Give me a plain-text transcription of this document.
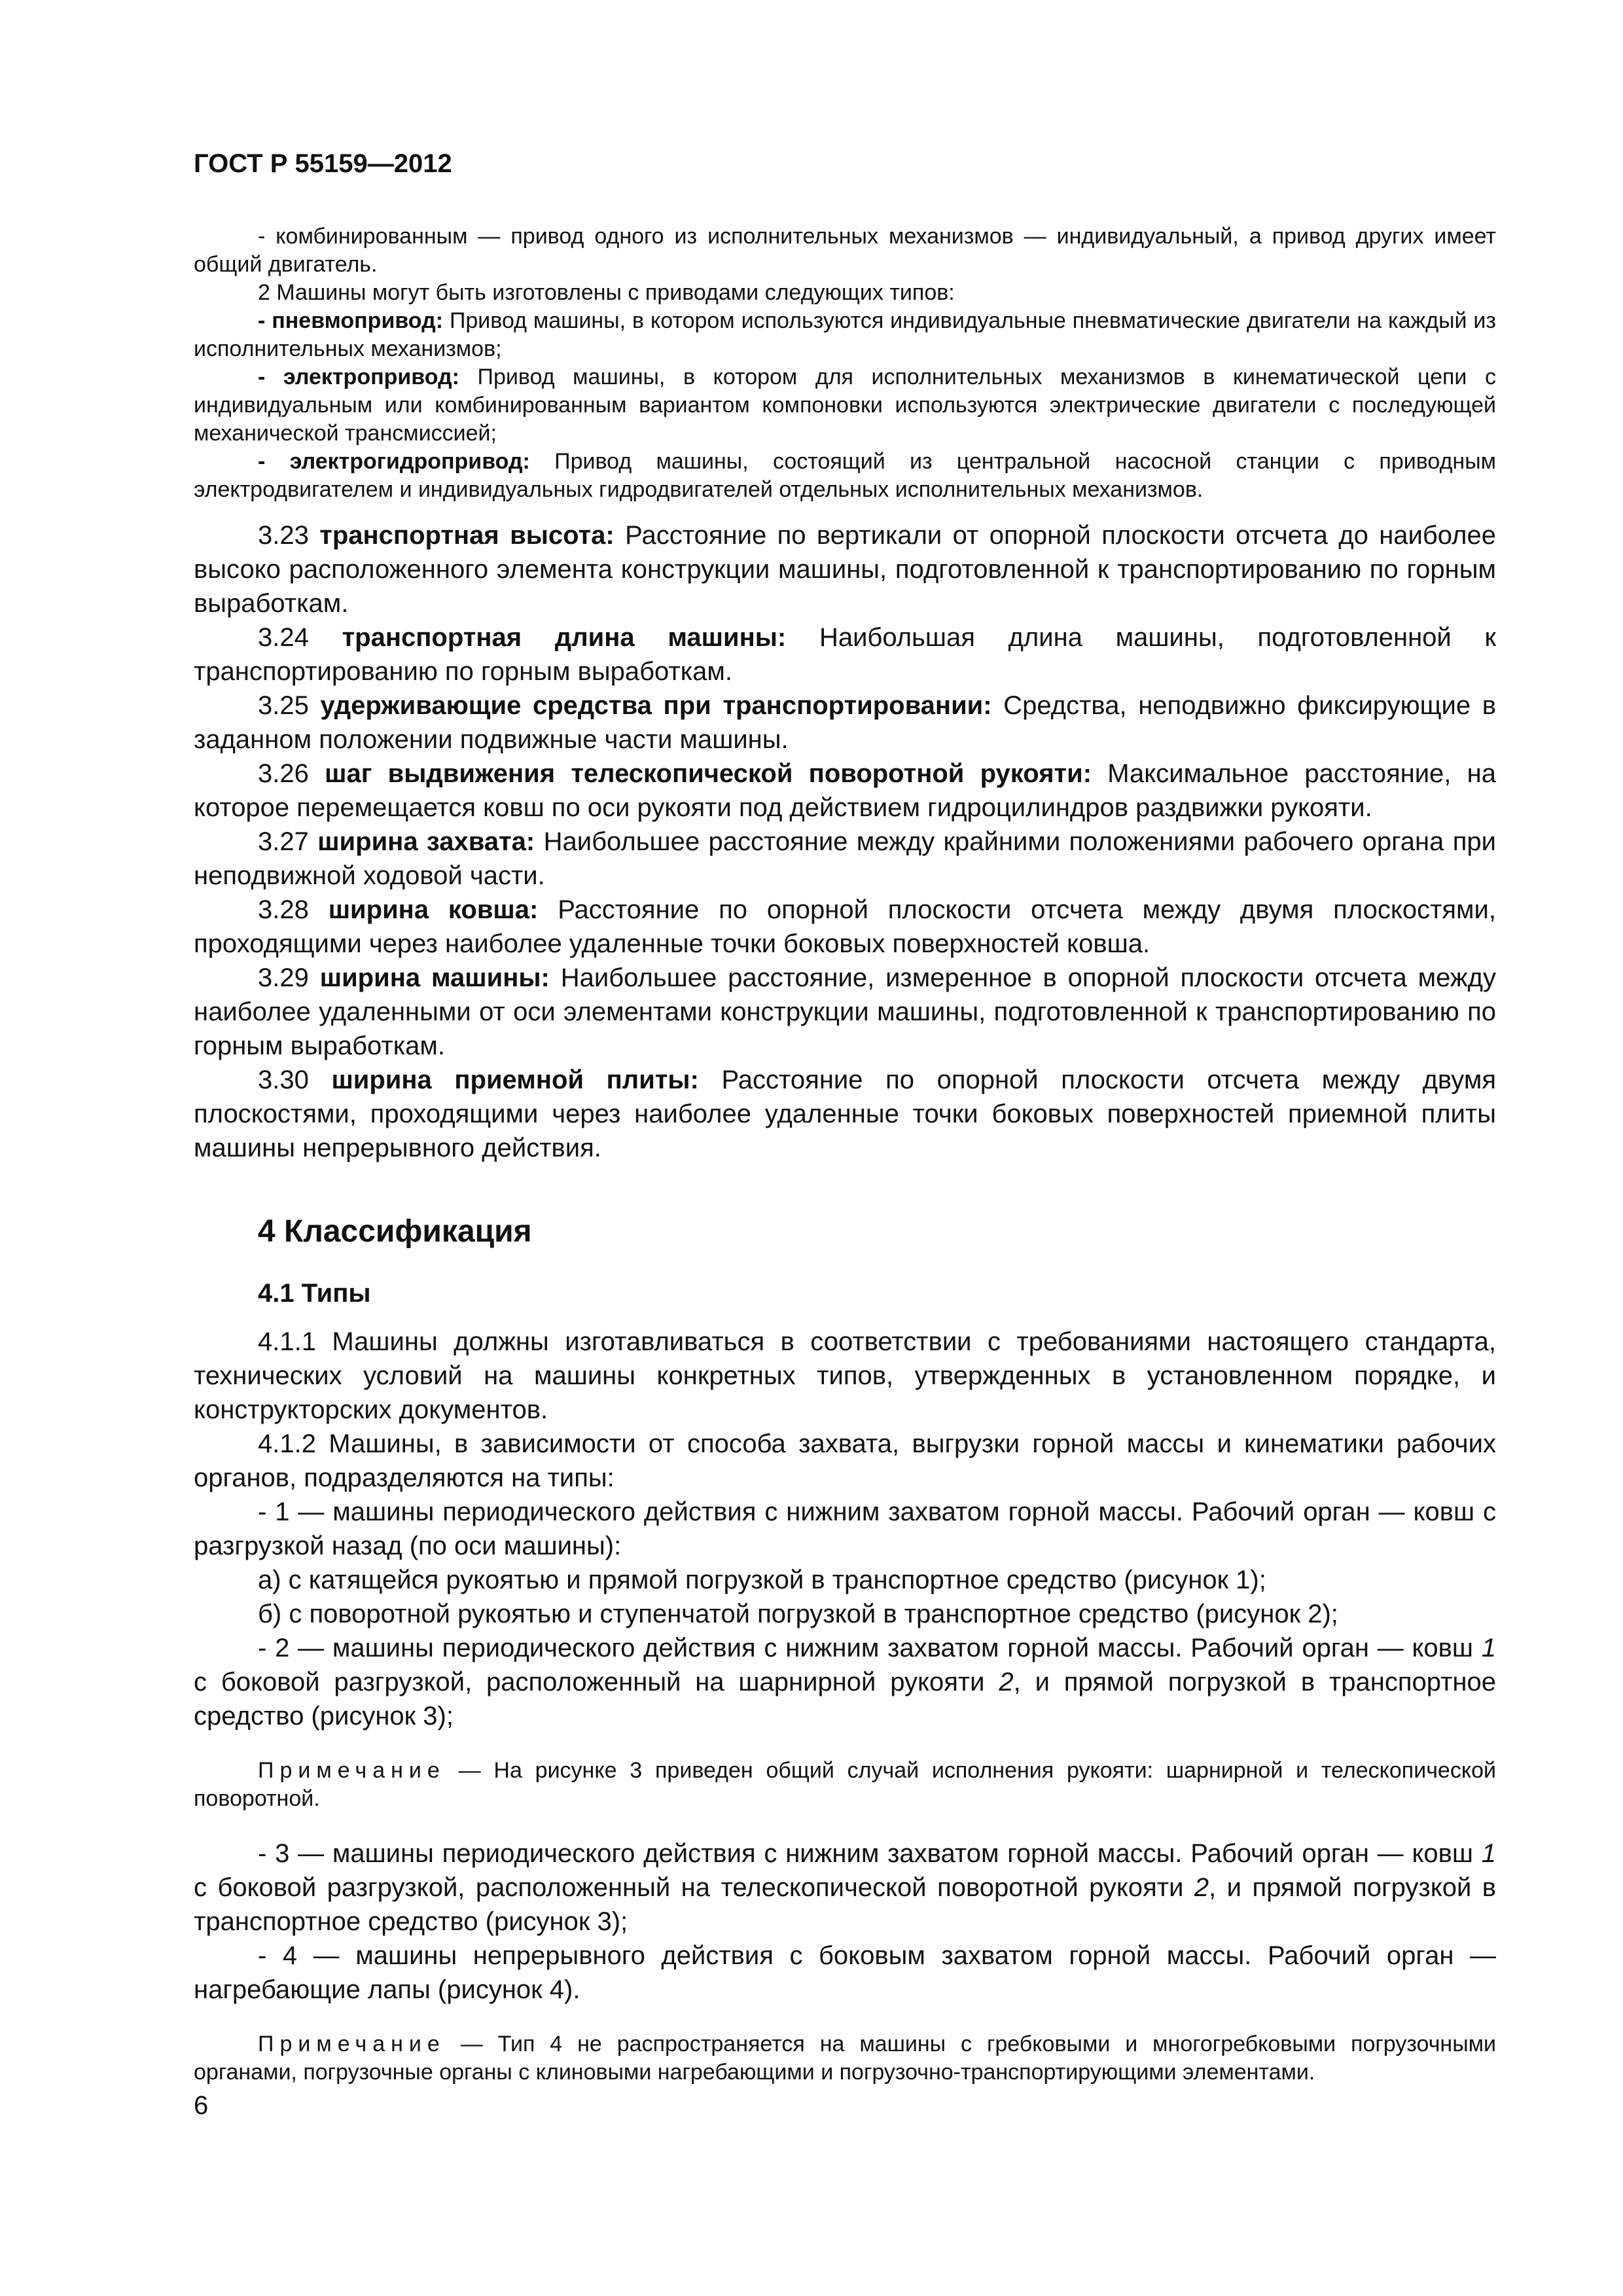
ГОСТ Р 55159—2012

- комбинированным — привод одного из исполнительных механизмов — индивидуальный, а привод других имеет общий двигатель.

2 Машины могут быть изготовлены с приводами следующих типов:

- пневмопривод: Привод машины, в котором используются индивидуальные пневматические двигатели на каждый из исполнительных механизмов;

- электропривод: Привод машины, в котором для исполнительных механизмов в кинематической цепи с индивидуальным или комбинированным вариантом компоновки используются электрические двигатели с последующей механической трансмиссией;

- электрогидропривод: Привод машины, состоящий из центральной насосной станции с приводным электродвигателем и индивидуальных гидродвигателей отдельных исполнительных механизмов.

3.23 транспортная высота: Расстояние по вертикали от опорной плоскости отсчета до наиболее высоко расположенного элемента конструкции машины, подготовленной к транспортированию по горным выработкам.

3.24 транспортная длина машины: Наибольшая длина машины, подготовленной к транспортированию по горным выработкам.

3.25 удерживающие средства при транспортировании: Средства, неподвижно фиксирующие в заданном положении подвижные части машины.

3.26 шаг выдвижения телескопической поворотной рукояти: Максимальное расстояние, на которое перемещается ковш по оси рукояти под действием гидроцилиндров раздвижки рукояти.

3.27 ширина захвата: Наибольшее расстояние между крайними положениями рабочего органа при неподвижной ходовой части.

3.28 ширина ковша: Расстояние по опорной плоскости отсчета между двумя плоскостями, проходящими через наиболее удаленные точки боковых поверхностей ковша.

3.29 ширина машины: Наибольшее расстояние, измеренное в опорной плоскости отсчета между наиболее удаленными от оси элементами конструкции машины, подготовленной к транспортированию по горным выработкам.

3.30 ширина приемной плиты: Расстояние по опорной плоскости отсчета между двумя плоскостями, проходящими через наиболее удаленные точки боковых поверхностей приемной плиты машины непрерывного действия.

4 Классификация
4.1 Типы

4.1.1 Машины должны изготавливаться в соответствии с требованиями настоящего стандарта, технических условий на машины конкретных типов, утвержденных в установленном порядке, и конструкторских документов.

4.1.2 Машины, в зависимости от способа захвата, выгрузки горной массы и кинематики рабочих органов, подразделяются на типы:

- 1 — машины периодического действия с нижним захватом горной массы. Рабочий орган — ковш с разгрузкой назад (по оси машины):

а) с катящейся рукоятью и прямой погрузкой в транспортное средство (рисунок 1);

б) с поворотной рукоятью и ступенчатой погрузкой в транспортное средство (рисунок 2);

- 2 — машины периодического действия с нижним захватом горной массы. Рабочий орган — ковш 1 с боковой разгрузкой, расположенный на шарнирной рукояти 2, и прямой погрузкой в транспортное средство (рисунок 3);

Примечание — На рисунке 3 приведен общий случай исполнения рукояти: шарнирной и телескопической поворотной.

- 3 — машины периодического действия с нижним захватом горной массы. Рабочий орган — ковш 1 с боковой разгрузкой, расположенный на телескопической поворотной рукояти 2, и прямой погрузкой в транспортное средство (рисунок 3);

- 4 — машины непрерывного действия с боковым захватом горной массы. Рабочий орган — нагребающие лапы (рисунок 4).

Примечание — Тип 4 не распространяется на машины с гребковыми и многогребковыми погрузочными органами, погрузочные органы с клиновыми нагребающими и погрузочно-транспортирующими элементами.

6
